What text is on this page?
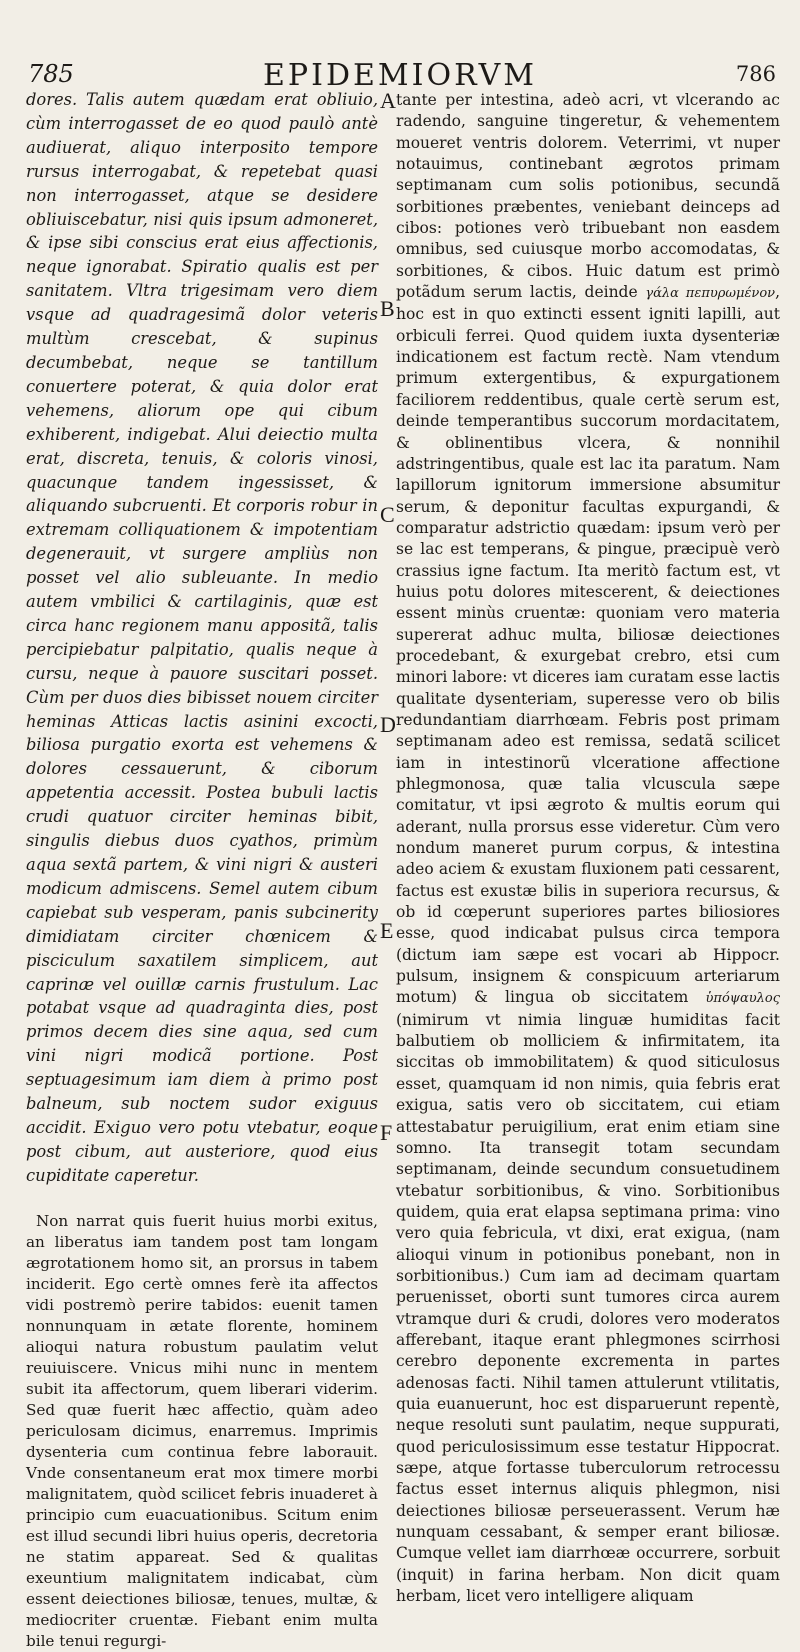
785	EPIDEMIORVM	786

dores. Talis autem quædam erat obliuio, cùm interrogasset de eo quod paulò antè audiuerat, aliquo interposito tempore rursus interrogabat, & repetebat quasi non interrogasset, atque se desidere obliuiscebatur, nisi quis ipsum admoneret, & ipse sibi conscius erat eius affectionis, neque ignorabat. Spiratio qualis est per sanitatem. Vltra trigesimam vero diem vsque ad quadragesimã dolor veteris multùm crescebat, & supinus decumbebat, neque se tantillum conuertere poterat, & quia dolor erat vehemens, aliorum ope qui cibum exhiberent, indigebat. Alui deiectio multa erat, discreta, tenuis, & coloris vinosi, quacunque tandem ingessisset, & aliquando subcruenti. Et corporis robur in extremam colliquationem & impotentiam degenerauit, vt surgere ampliùs non posset vel alio subleuante. In medio autem vmbilici & cartilaginis, quæ est circa hanc regionem manu appositã, talis percipiebatur palpitatio, qualis neque à cursu, neque à pauore suscitari posset. Cùm per duos dies bibisset nouem circiter heminas Atticas lactis asinini excocti, biliosa purgatio exorta est vehemens & dolores cessauerunt, & ciborum appetentia accessit. Postea bubuli lactis crudi quatuor circiter heminas bibit, singulis diebus duos cyathos, primùm aqua sextã partem, & vini nigri & austeri modicum admiscens. Semel autem cibum capiebat sub vesperam, panis subcinerity dimidiatam circiter chœnicem & pisciculum saxatilem simplicem, aut caprinæ vel ouillæ carnis frustulum. Lac potabat vsque ad quadraginta dies, post primos decem dies sine aqua, sed cum vini nigri modicã portione. Post septuagesimum iam diem à primo post balneum, sub noctem sudor exiguus accidit. Exiguo vero potu vtebatur, eoque post cibum, aut austeriore, quod eius cupiditate caperetur.

Non narrat quis fuerit huius morbi exitus, an liberatus iam tandem post tam longam ægrotationem homo sit, an prorsus in tabem inciderit. Ego certè omnes ferè ita affectos vidi postremò perire tabidos: euenit tamen nonnunquam in ætate florente, hominem alioqui natura robustum paulatim velut reuiuiscere. Vnicus mihi nunc in mentem subit ita affectorum, quem liberari viderim. Sed quæ fuerit hæc affectio, quàm adeo periculosam dicimus, enarremus. Imprimis dysenteria cum continua febre laborauit. Vnde consentaneum erat mox timere morbi malignitatem, quòd scilicet febris inuaderet à principio cum euacuationibus. Scitum enim est illud secundi libri huius operis, decretoria ne statim appareat. Sed & qualitas exeuntium malignitatem indicabat, cùm essent deiectiones biliosæ, tenues, multæ, & mediocriter cruentæ. Fiebant enim multa bile tenui regurgi-

A
B
C
D
E
F

tante per intestina, adeò acri, vt vlcerando ac radendo, sanguine tingeretur, & vehementem moueret ventris dolorem. Veterrimi, vt nuper notauimus, continebant ægrotos primam septimanam cum solis potionibus, secundã sorbitiones præbentes, veniebant deinceps ad cibos: potiones verò tribuebant non easdem omnibus, sed cuiusque morbo accomodatas, & sorbitiones, & cibos. Huic datum est primò potãdum serum lactis, deinde γάλα πεπυρωμένον, hoc est in quo extincti essent igniti lapilli, aut orbiculi ferrei. Quod quidem iuxta dysenteriæ indicationem est factum rectè. Nam vtendum primum extergentibus, & expurgationem faciliorem reddentibus, quale certè serum est, deinde temperantibus succorum mordacitatem, & oblinentibus vlcera, & nonnihil adstringentibus, quale est lac ita paratum. Nam lapillorum ignitorum immersione absumitur serum, & deponitur facultas expurgandi, & comparatur adstrictio quædam: ipsum verò per se lac est temperans, & pingue, præcipuè verò crassius igne factum. Ita meritò factum est, vt huius potu dolores mitescerent, & deiectiones essent minùs cruentæ: quoniam vero materia supererat adhuc multa, biliosæ deiectiones procedebant, & exurgebat crebro, etsi cum minori labore: vt diceres iam curatam esse lactis qualitate dysenteriam, superesse vero ob bilis redundantiam diarrhœam. Febris post primam septimanam adeo est remissa, sedatã scilicet iam in intestinorũ vlceratione affectione phlegmonosa, quæ talia vlcuscula sæpe comitatur, vt ipsi ægroto & multis eorum qui aderant, nulla prorsus esse videretur. Cùm vero nondum maneret purum corpus, & intestina adeo aciem & exustam fluxionem pati cessarent, factus est exustæ bilis in superiora recursus, & ob id cœperunt superiores partes biliosiores esse, quod indicabat pulsus circa tempora (dictum iam sæpe est vocari ab Hippocr. pulsum, insignem & conspicuum arteriarum motum) & lingua ob siccitatem ὑπόψαυλος (nimirum vt nimia linguæ humiditas facit balbutiem ob molliciem & infirmitatem, ita siccitas ob immobilitatem) & quod siticulosus esset, quamquam id non nimis, quia febris erat exigua, satis vero ob siccitatem, cui etiam attestabatur peruigilium, erat enim etiam sine somno. Ita transegit totam secundam septimanam, deinde secundum consuetudinem vtebatur sorbitionibus, & vino. Sorbitionibus quidem, quia erat elapsa septimana prima: vino vero quia febricula, vt dixi, erat exigua, (nam alioqui vinum in potionibus ponebant, non in sorbitionibus.) Cum iam ad decimam quartam peruenisset, oborti sunt tumores circa aurem vtramque duri & crudi, dolores vero moderatos afferebant, itaque erant phlegmones scirrhosi cerebro deponente excrementa in partes adenosas facti. Nihil tamen attulerunt vtilitatis, quia euanuerunt, hoc est disparuerunt repentè, neque resoluti sunt paulatim, neque suppurati, quod periculosissimum esse testatur Hippocrat. sæpe, atque fortasse tuberculorum retrocessu factus esset internus aliquis phlegmon, nisi deiectiones biliosæ perseuerassent. Verum hæ nunquam cessabant, & semper erant biliosæ. Cumque vellet iam diarrhœæ occurrere, sorbuit (inquit) in farina herbam. Non dicit quam herbam, licet vero intelligere aliquam
